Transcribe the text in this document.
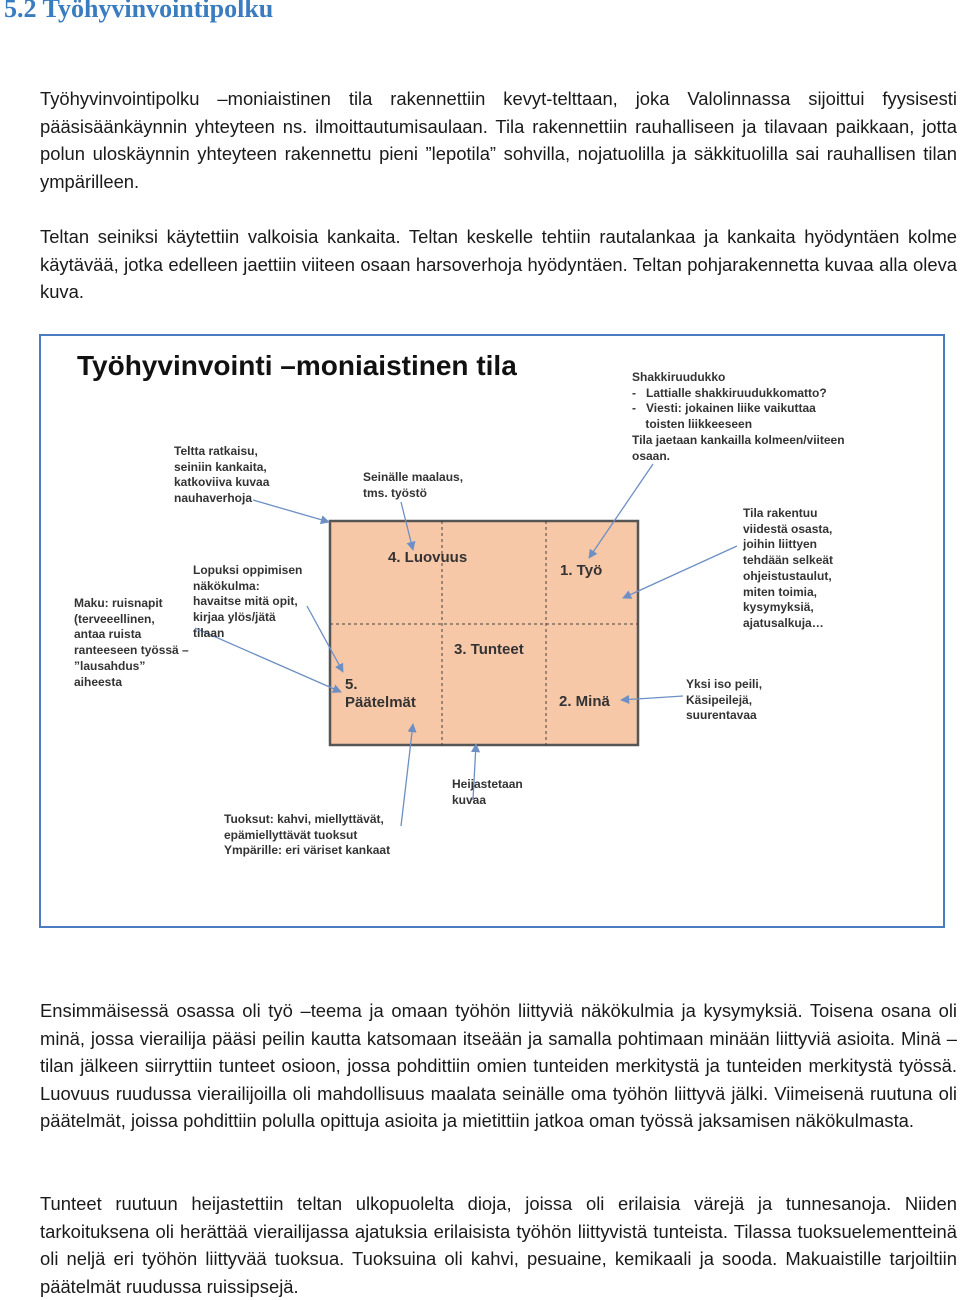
5.2 Työhyvinvointipolku

Työhyvinvointipolku –moniaistinen tila rakennettiin kevyt-telttaan, joka Valolinnassa sijoittui fyysisesti pääsisäänkäynnin yhteyteen ns. ilmoittautumisaulaan. Tila rakennettiin rauhalliseen ja tilavaan paikkaan, jotta polun uloskäynnin yhteyteen rakennettu pieni ”lepotila” sohvilla, nojatuolilla ja säkkituolilla sai rauhallisen tilan ympärilleen.

Teltan seiniksi käytettiin valkoisia kankaita. Teltan keskelle tehtiin rautalankaa ja kankaita hyödyntäen kolme käytävää, jotka edelleen jaettiin viiteen osaan harsoverhoja hyödyntäen. Teltan pohjarakennetta kuvaa alla oleva kuva.

Työhyvinvointi –moniaistinen tila

4. Luovuus

1. Työ

3. Tunteet

5.
Päätelmät	2. Minä

Shakkiruudukko
-   Lattialle shakkiruudukkomatto?
-   Viesti: jokainen liike vaikuttaa
toisten liikkeeseen
Tila jaetaan kankailla kolmeen/viiteen
osaan.

Teltta ratkaisu,
seiniin kankaita,
katkoviiva kuvaa
nauhaverhoja

Seinälle maalaus,
tms. työstö

Tila rakentuu
viidestä osasta,
joihin liittyen
tehdään selkeät
ohjeistustaulut,
miten toimia,
kysymyksiä,
ajatusalkuja…

Lopuksi oppimisen
näkökulma:
havaitse mitä opit,
kirjaa ylös/jätä
tilaan

Maku: ruisnapit
(terveeellinen,
antaa ruista
ranteeseen työssä –
”lausahdus”
aiheesta	Yksi iso peili,
Käsipeilejä,
suurentavaa

Heijastetaan
kuvaa

Tuoksut: kahvi, miellyttävät,
epämiellyttävät tuoksut
Ympärille: eri väriset kankaat

Ensimmäisessä osassa oli työ –teema ja omaan työhön liittyviä näkökulmia ja kysymyksiä. Toisena osana oli minä, jossa vierailija pääsi peilin kautta katsomaan itseään ja samalla pohtimaan minään liittyviä asioita. Minä –tilan jälkeen siirryttiin tunteet osioon, jossa pohdittiin omien tunteiden merkitystä ja tunteiden merkitystä työssä. Luovuus ruudussa vierailijoilla oli mahdollisuus maalata seinälle oma työhön liittyvä jälki. Viimeisenä ruutuna oli päätelmät, joissa pohdittiin polulla opittuja asioita ja mietittiin jatkoa oman työssä jaksamisen näkökulmasta.

Tunteet ruutuun heijastettiin teltan ulkopuolelta dioja, joissa oli erilaisia värejä ja tunnesanoja. Niiden tarkoituksena oli herättää vierailijassa ajatuksia erilaisista työhön liittyvistä tunteista. Tilassa tuoksuelementteinä oli neljä eri työhön liittyvää tuoksua. Tuoksuina oli kahvi, pesuaine, kemikaali ja sooda. Makuaistille tarjoiltiin päätelmät ruudussa ruissipsejä.
